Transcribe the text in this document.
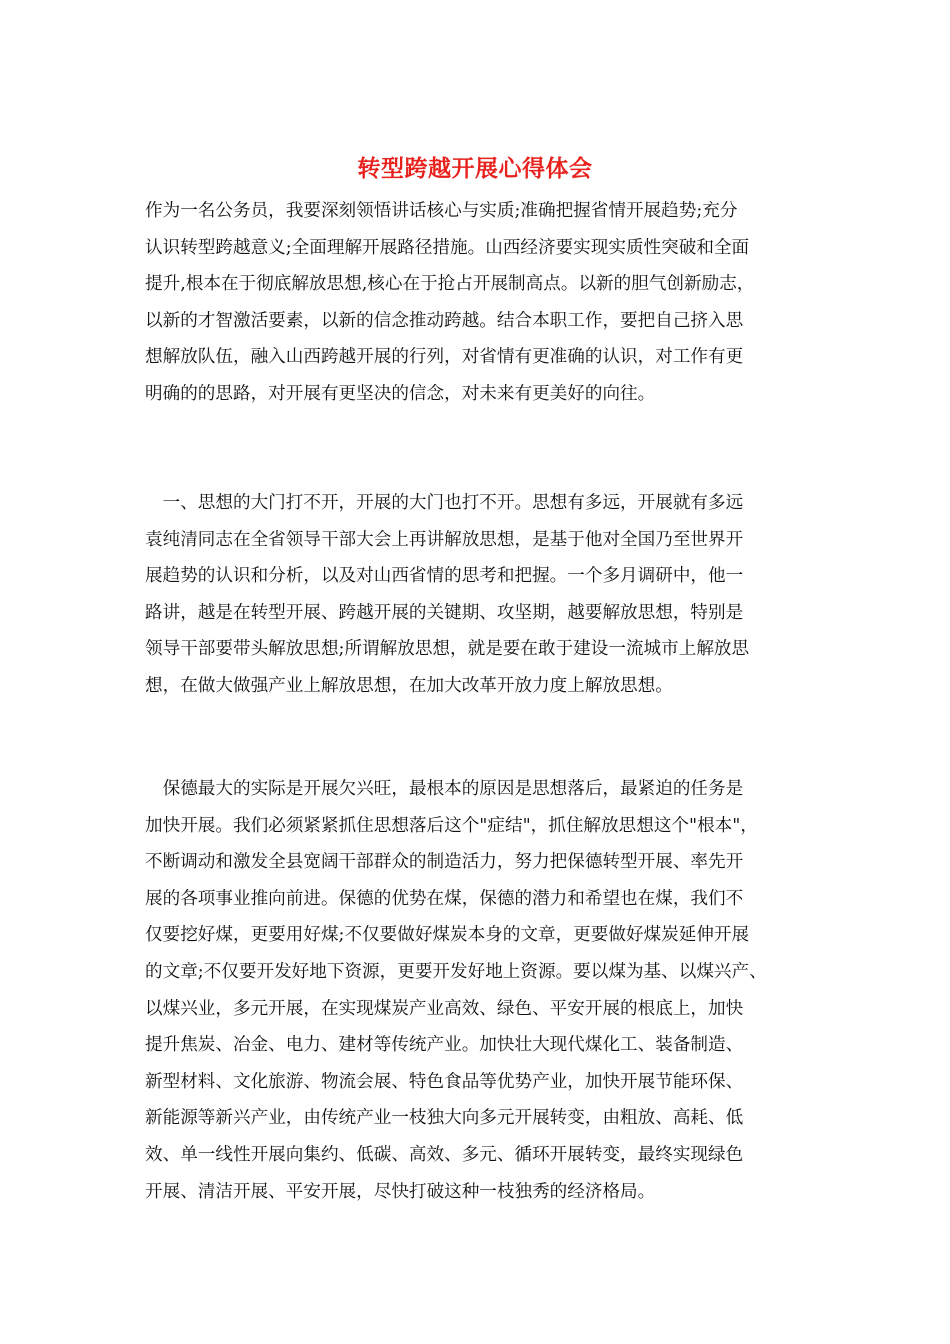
转型跨越开展心得体会
作为一名公务员，我要深刻领悟讲话核心与实质;准确把握省情开展趋势;充分
认识转型跨越意义;全面理解开展路径措施。山西经济要实现实质性突破和全面
提升,根本在于彻底解放思想,核心在于抢占开展制高点。以新的胆气创新励志，
以新的才智激活要素，以新的信念推动跨越。结合本职工作，要把自己挤入思
想解放队伍，融入山西跨越开展的行列，对省情有更准确的认识，对工作有更
明确的的思路，对开展有更坚决的信念，对未来有更美好的向往。
　一、思想的大门打不开，开展的大门也打不开。思想有多远，开展就有多远
袁纯清同志在全省领导干部大会上再讲解放思想，是基于他对全国乃至世界开
展趋势的认识和分析，以及对山西省情的思考和把握。一个多月调研中，他一
路讲，越是在转型开展、跨越开展的关键期、攻坚期，越要解放思想，特别是
领导干部要带头解放思想;所谓解放思想，就是要在敢于建设一流城市上解放思
想，在做大做强产业上解放思想，在加大改革开放力度上解放思想。
　保德最大的实际是开展欠兴旺，最根本的原因是思想落后，最紧迫的任务是
加快开展。我们必须紧紧抓住思想落后这个"症结"，抓住解放思想这个"根本"，
不断调动和激发全县宽阔干部群众的制造活力，努力把保德转型开展、率先开
展的各项事业推向前进。保德的优势在煤，保德的潜力和希望也在煤，我们不
仅要挖好煤，更要用好煤;不仅要做好煤炭本身的文章，更要做好煤炭延伸开展
的文章;不仅要开发好地下资源，更要开发好地上资源。要以煤为基、以煤兴产、
以煤兴业，多元开展，在实现煤炭产业高效、绿色、平安开展的根底上，加快
提升焦炭、冶金、电力、建材等传统产业。加快壮大现代煤化工、装备制造、
新型材料、文化旅游、物流会展、特色食品等优势产业，加快开展节能环保、
新能源等新兴产业，由传统产业一枝独大向多元开展转变，由粗放、高耗、低
效、单一线性开展向集约、低碳、高效、多元、循环开展转变，最终实现绿色
开展、清洁开展、平安开展，尽快打破这种一枝独秀的经济格局。
